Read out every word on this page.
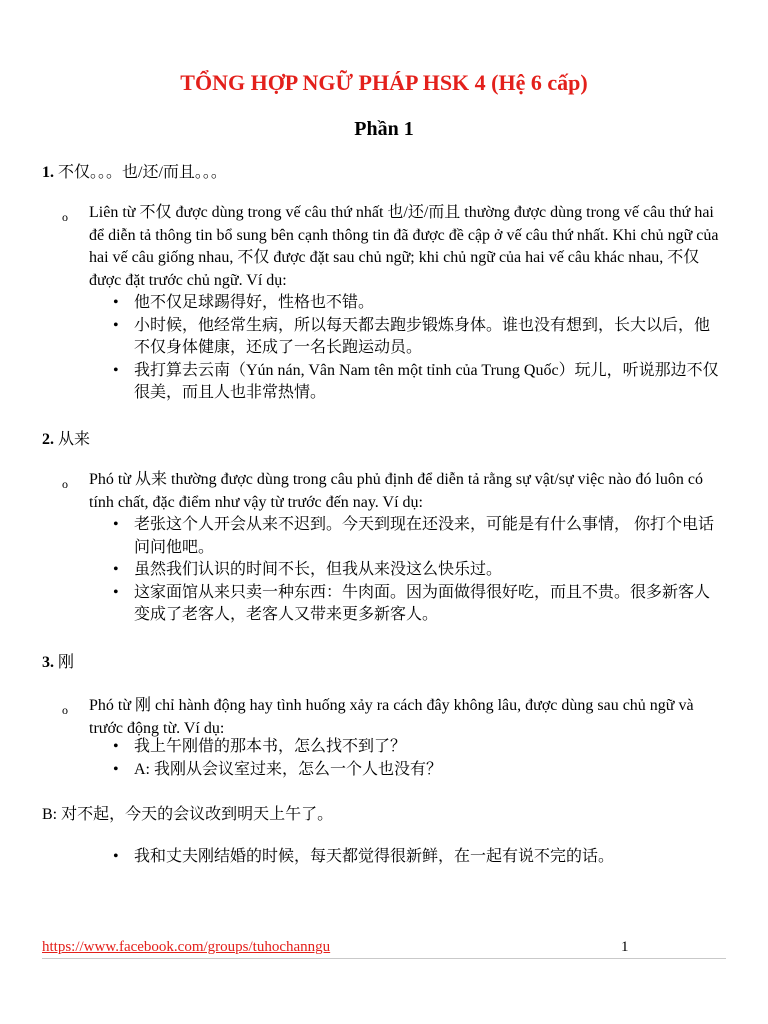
TỔNG HỢP NGỮ PHÁP HSK 4 (Hệ 6 cấp)
Phần 1
1. 不仅。。。也/还/而且。。。
o Liên từ 不仅 được dùng trong vế câu thứ nhất 也/还/而且 thường được dùng trong vế câu thứ hai để diễn tả thông tin bổ sung bên cạnh thông tin đã được đề cập ở vế câu thứ nhất. Khi chủ ngữ của hai vế câu giống nhau, 不仅 được đặt sau chủ ngữ; khi chủ ngữ của hai vế câu khác nhau, 不仅 được đặt trước chủ ngữ. Ví dụ:
• 他不仅足球踢得好，性格也不错。
• 小时候，他经常生病，所以每天都去跑步锻炼身体。谁也没有想到，长大以后，他不仅身体健康，还成了一名长跑运动员。
• 我打算去云南（Yún nán, Vân Nam tên một tỉnh của Trung Quốc）玩儿，听说那边不仅很美，而且人也非常热情。
2. 从来
o Phó từ 从来 thường được dùng trong câu phủ định để diễn tả rằng sự vật/sự việc nào đó luôn có tính chất, đặc điểm như vậy từ trước đến nay. Ví dụ:
• 老张这个人开会从来不迟到。今天到现在还没来，可能是有什么事情， 你打个电话问问他吧。
• 虽然我们认识的时间不长，但我从来没这么快乐过。
• 这家面馆从来只卖一种东西：牛肉面。因为面做得很好吃，而且不贵。很多新客人变成了老客人，老客人又带来更多新客人。
3. 刚
o Phó từ 刚 chỉ hành động hay tình huống xảy ra cách đây không lâu, được dùng sau chủ ngữ và trước động từ. Ví dụ:
• 我上午刚借的那本书，怎么找不到了？
• A: 我刚从会议室过来，怎么一个人也没有？
B: 对不起，今天的会议改到明天上午了。
• 我和丈夫刚结婚的时候，每天都觉得很新鲜，在一起有说不完的话。
https://www.facebook.com/groups/tuhochanngu	1
